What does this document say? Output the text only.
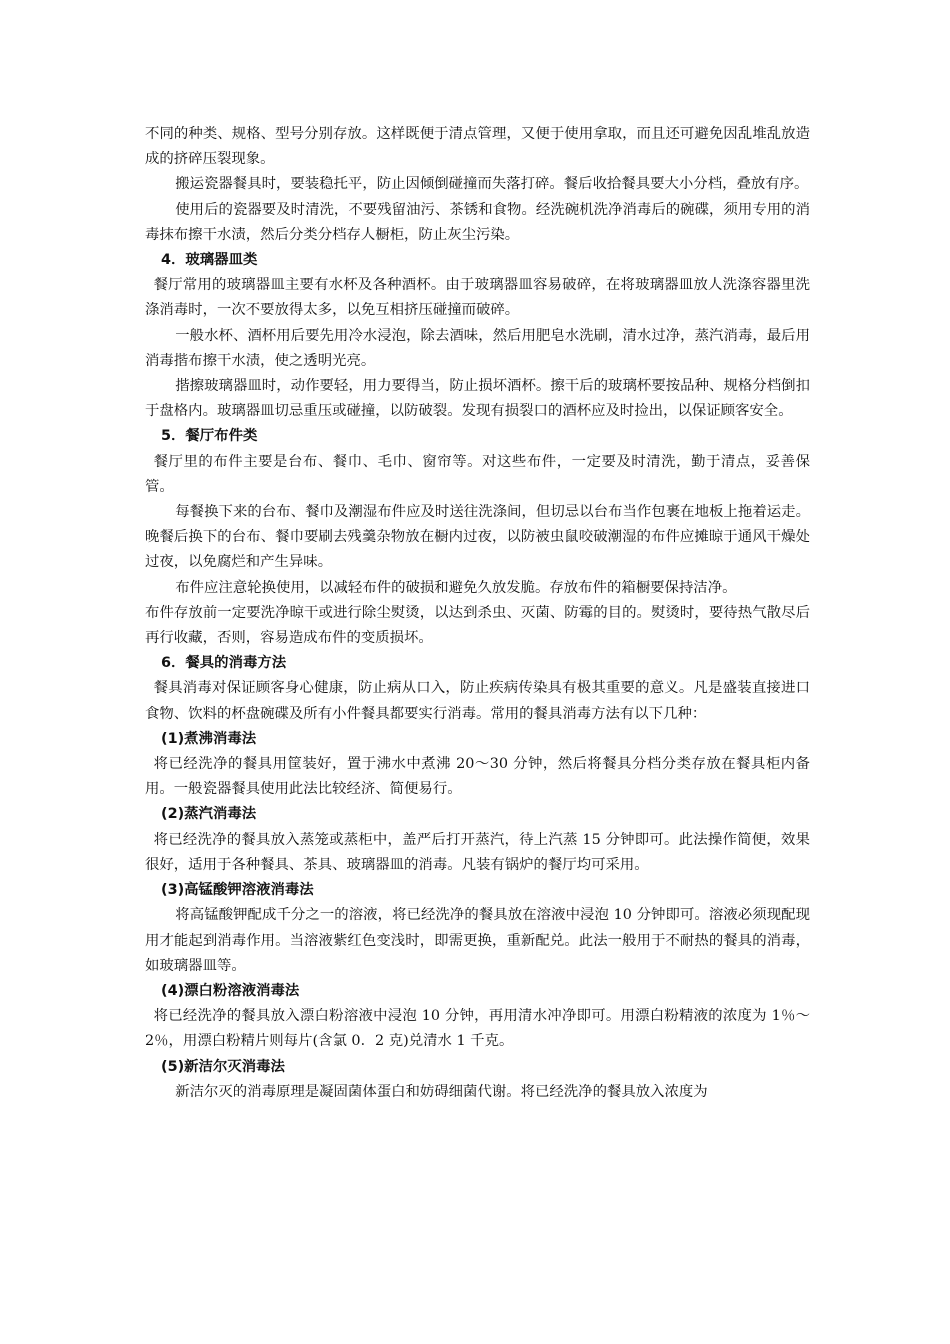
不同的种类、规格、型号分别存放。这样既便于清点管理，又便于使用拿取，而且还可避免因乱堆乱放造成的挤碎压裂现象。

搬运瓷器餐具时，要装稳托平，防止因倾倒碰撞而失落打碎。餐后收拾餐具要大小分档，叠放有序。

使用后的瓷器要及时清洗，不要残留油污、茶锈和食物。经洗碗机洗净消毒后的碗碟，须用专用的消毒抹布擦干水渍，然后分类分档存人橱柜，防止灰尘污染。

4．玻璃器皿类

餐厅常用的玻璃器皿主要有水杯及各种酒杯。由于玻璃器皿容易破碎，在将玻璃器皿放人洗涤容器里洗涤消毒时，一次不要放得太多，以免互相挤压碰撞而破碎。

一般水杯、酒杯用后要先用冷水浸泡，除去酒味，然后用肥皂水洗刷，清水过净，蒸汽消毒，最后用消毒揩布擦干水渍，使之透明光亮。

揩擦玻璃器皿时，动作要轻，用力要得当，防止损坏酒杯。擦干后的玻璃杯要按品种、规格分档倒扣于盘格内。玻璃器皿切忌重压或碰撞，以防破裂。发现有损裂口的酒杯应及时捡出，以保证顾客安全。

5．餐厅布件类

餐厅里的布件主要是台布、餐巾、毛巾、窗帘等。对这些布件，一定要及时清洗，勤于清点，妥善保管。

每餐换下来的台布、餐巾及潮湿布件应及时送往洗涤间，但切忌以台布当作包裹在地板上拖着运走。晚餐后换下的台布、餐巾要刷去残羹杂物放在橱内过夜，以防被虫鼠咬破潮湿的布件应摊晾于通风干燥处过夜，以免腐烂和产生异味。

布件应注意轮换使用，以减轻布件的破损和避免久放发脆。存放布件的箱橱要保持洁净。

布件存放前一定要洗净晾干或进行除尘熨烫，以达到杀虫、灭菌、防霉的目的。熨烫时，要待热气散尽后再行收藏，否则，容易造成布件的变质损坏。

6．餐具的消毒方法

餐具消毒对保证顾客身心健康，防止病从口入，防止疾病传染具有极其重要的意义。凡是盛装直接进口食物、饮料的杯盘碗碟及所有小件餐具都要实行消毒。常用的餐具消毒方法有以下几种：

(1)煮沸消毒法

将已经洗净的餐具用筐装好，置于沸水中煮沸 20～30 分钟，然后将餐具分档分类存放在餐具柜内备用。一般瓷器餐具使用此法比较经济、简便易行。

(2)蒸汽消毒法

将已经洗净的餐具放入蒸笼或蒸柜中，盖严后打开蒸汽，待上汽蒸 15 分钟即可。此法操作简便，效果很好，适用于各种餐具、茶具、玻璃器皿的消毒。凡装有锅炉的餐厅均可采用。

(3)高锰酸钾溶液消毒法

将高锰酸钾配成千分之一的溶液，将已经洗净的餐具放在溶液中浸泡 10 分钟即可。溶液必须现配现用才能起到消毒作用。当溶液紫红色变浅时，即需更换，重新配兑。此法一般用于不耐热的餐具的消毒，如玻璃器皿等。

(4)漂白粉溶液消毒法

将已经洗净的餐具放入漂白粉溶液中浸泡 10 分钟，再用清水冲净即可。用漂白粉精液的浓度为 1％～2％，用漂白粉精片则每片(含氯 0．2 克)兑清水 1 千克。

(5)新洁尔灭消毒法

新洁尔灭的消毒原理是凝固菌体蛋白和妨碍细菌代谢。将已经洗净的餐具放入浓度为
